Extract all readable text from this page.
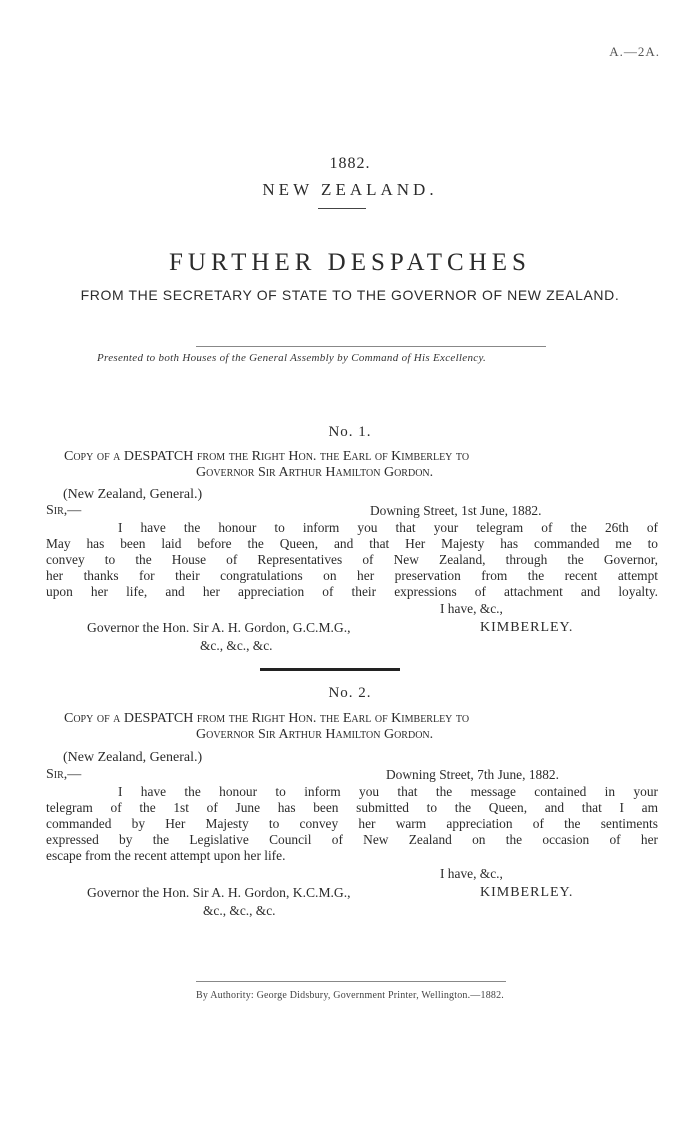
A.—2A.
1882.
NEW ZEALAND.
FURTHER DESPATCHES
FROM THE SECRETARY OF STATE TO THE GOVERNOR OF NEW ZEALAND.
Presented to both Houses of the General Assembly by Command of His Excellency.
No. 1.
Copy of a DESPATCH from the Right Hon. the Earl of Kimberley to
Governor Sir Arthur Hamilton Gordon.
(New Zealand, General.)
Sir,—	Downing Street, 1st June, 1882.
I have the honour to inform you that your telegram of the 26th of
May has been laid before the Queen, and that Her Majesty has commanded me to
convey to the House of Representatives of New Zealand, through the Governor,
her thanks for their congratulations on her preservation from the recent attempt
upon her life, and her appreciation of their expressions of attachment and loyalty.
I have, &c.,
Governor the Hon. Sir A. H. Gordon, G.C.M.G.,	KIMBERLEY.
&c., &c., &c.
No. 2.
Copy of a DESPATCH from the Right Hon. the Earl of Kimberley to
Governor Sir Arthur Hamilton Gordon.
(New Zealand, General.)
Sir,—	Downing Street, 7th June, 1882.
I have the honour to inform you that the message contained in your
telegram of the 1st of June has been submitted to the Queen, and that I am
commanded by Her Majesty to convey her warm appreciation of the sentiments
expressed by the Legislative Council of New Zealand on the occasion of her
escape from the recent attempt upon her life.
I have, &c.,
Governor the Hon. Sir A. H. Gordon, K.C.M.G.,	KIMBERLEY.
&c., &c., &c.
By Authority: George Didsbury, Government Printer, Wellington.—1882.
